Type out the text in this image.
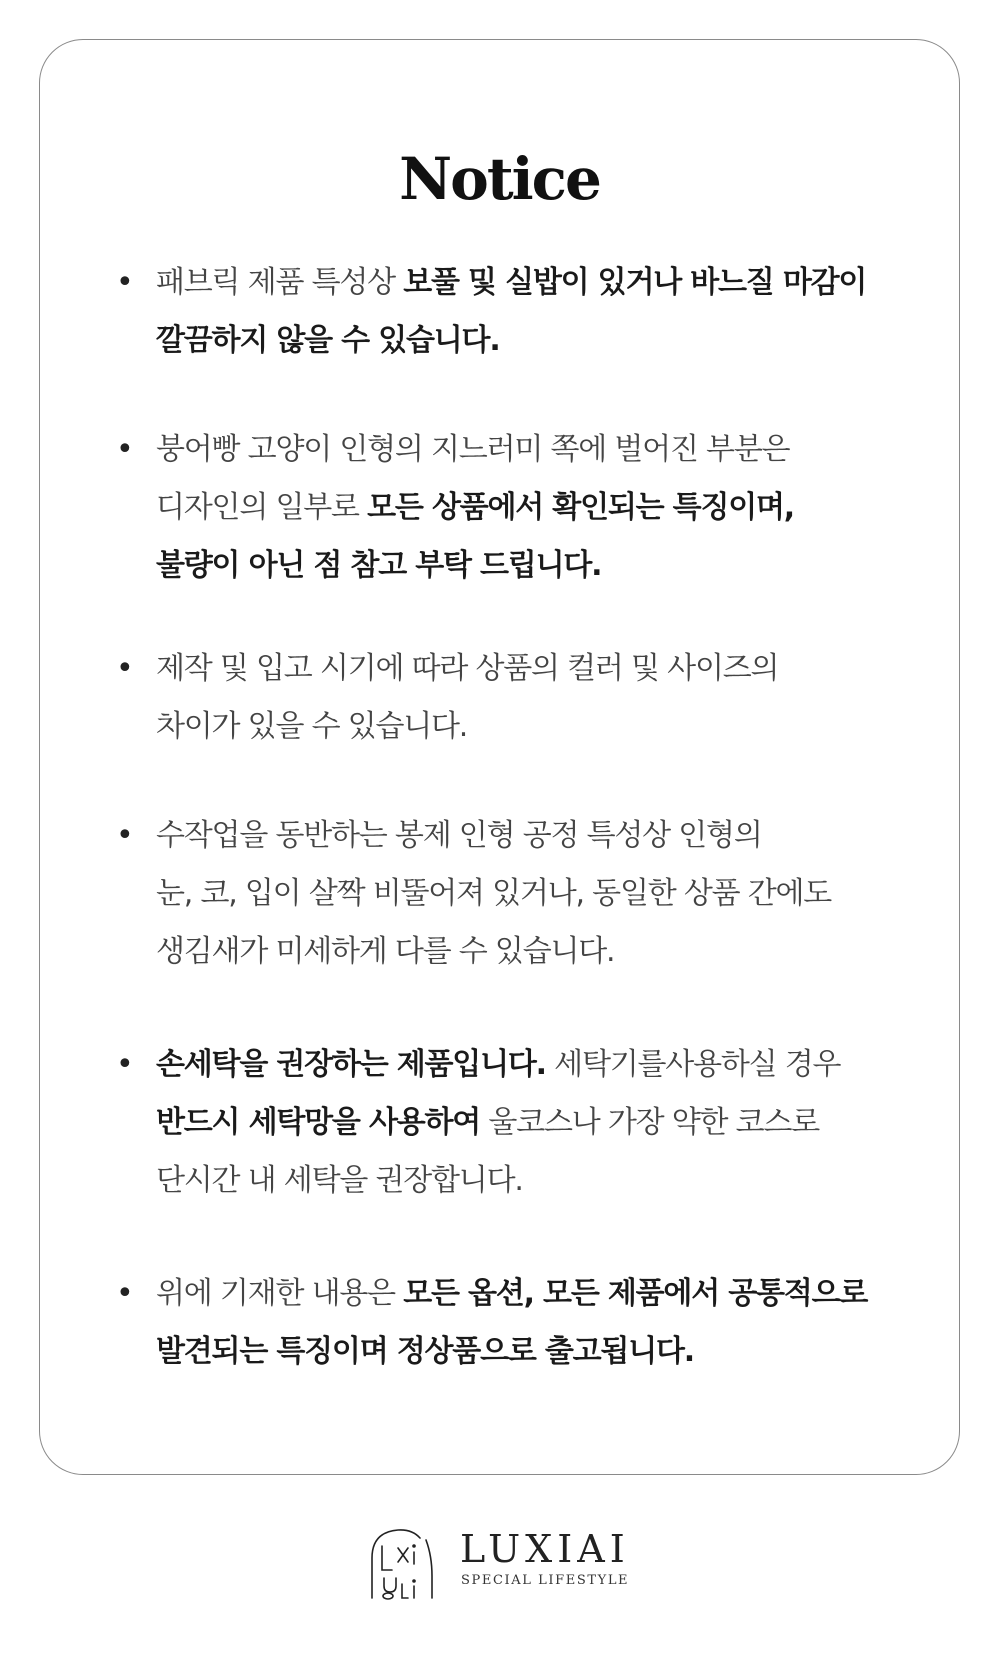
Notice
• 패브릭 제품 특성상 보풀 및 실밥이 있거나 바느질 마감이
깔끔하지 않을 수 있습니다.
• 붕어빵 고양이 인형의 지느러미 쪽에 벌어진 부분은
디자인의 일부로 모든 상품에서 확인되는 특징이며,
불량이 아닌 점 참고 부탁 드립니다.
• 제작 및 입고 시기에 따라 상품의 컬러 및 사이즈의
차이가 있을 수 있습니다.
• 수작업을 동반하는 봉제 인형 공정 특성상 인형의
눈, 코, 입이 살짝 비뚤어져 있거나, 동일한 상품 간에도
생김새가 미세하게 다를 수 있습니다.
• 손세탁을 권장하는 제품입니다. 세탁기를사용하실 경우
반드시 세탁망을 사용하여 울코스나 가장 약한 코스로
단시간 내 세탁을 권장합니다.
• 위에 기재한 내용은 모든 옵션, 모든 제품에서 공통적으로
발견되는 특징이며 정상품으로 출고됩니다.
LUXIAI
SPECIAL LIFESTYLE
